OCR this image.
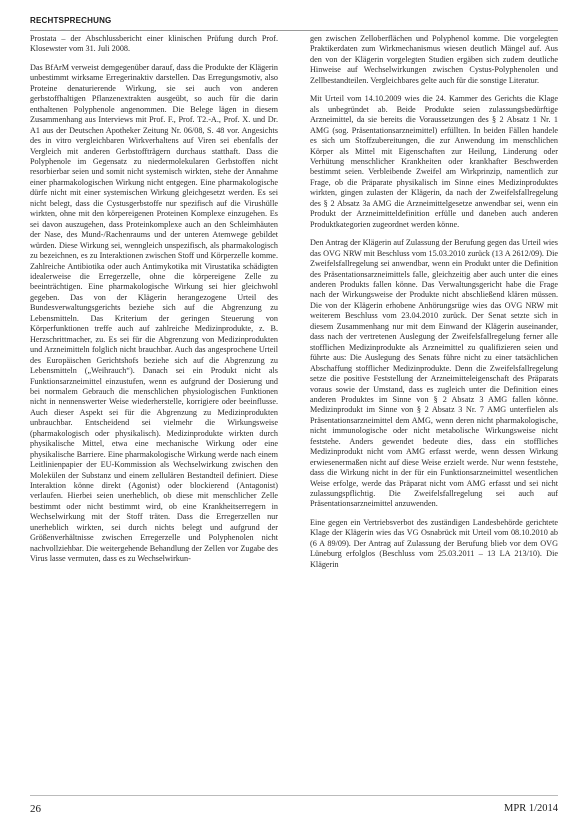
RECHTSPRECHUNG

Prostata – der Abschlussbericht einer klinischen Prüfung durch Prof. Klosewster vom 31. Juli 2008.

Das BfArM verweist demgegenüber darauf, dass die Produkte der Klägerin unbestimmt wirksame Erregerinaktiv darstellen. Das Erregungsmotiv, also Proteine denaturierende Wirkung, sie sei auch von anderen gerbstoffhaltigen Pflanzenextrakten ausgeübt, so auch für die darin enthaltenen Polyphenole angenommen. Die Belege lägen in diesem Zusammenhang aus Interviews mit Prof. F., Prof. T2.-A., Prof. X. und Dr. A1 aus der Deutschen Apotheker Zeitung Nr. 06/08, S. 48 vor. Angesichts des in vitro vergleichbaren Wirkverhaltens auf Viren sei ebenfalls der Vergleich mit anderen Gerbstoffträgern durchaus statthaft. Dass die Polyphenole im Gegensatz zu niedermolekularen Gerbstoffen nicht resorbierbar seien und somit nicht systemisch wirkten, stehe der Annahme einer pharmakologischen Wirkung nicht entgegen. Eine pharmakologische dürfe nicht mit einer systemischen Wirkung gleichgesetzt werden. Es sei nicht belegt, dass die Cystusgerbstoffe nur spezifisch auf die Virushülle wirkten, ohne mit den körpereigenen Proteinen Komplexe einzugehen. Es sei davon auszugehen, dass Proteinkomplexe auch an den Schleimhäuten der Nase, des Mund-/Rachenraums und der unteren Atemwege gebildet würden. Diese Wirkung sei, wenngleich unspezifisch, als pharmakologisch zu bezeichnen, es zu Interaktionen zwischen Stoff und Körperzelle komme. Zahlreiche Antibiotika oder auch Antimykotika mit Virustatika schädigten idealerweise die Erregerzelle, ohne die körpereigene Zelle zu beeinträchtigen. Eine pharmakologische Wirkung sei hier gleichwohl gegeben. Das von der Klägerin herangezogene Urteil des Bundesverwaltungsgerichts beziehe sich auf die Abgrenzung zu Lebensmitteln. Das Kriterium der geringen Steuerung von Körperfunktionen treffe auch auf zahlreiche Medizinprodukte, z. B. Herzschrittmacher, zu. Es sei für die Abgrenzung von Medizinprodukten und Arzneimitteln folglich nicht brauchbar. Auch das angesprochene Urteil des Europäischen Gerichtshofs beziehe sich auf die Abgrenzung zu Lebensmitteln („Weihrauch“). Danach sei ein Produkt nicht als Funktionsarzneimittel einzustufen, wenn es aufgrund der Dosierung und bei normalem Gebrauch die menschlichen physiologischen Funktionen nicht in nennenswerter Weise wiederherstelle, korrigiere oder beeinflusse. Auch dieser Aspekt sei für die Abgrenzung zu Medizinprodukten unbrauchbar. Entscheidend sei vielmehr die Wirkungsweise (pharmakologisch oder physikalisch). Medizinprodukte wirkten durch physikalische Mittel, etwa eine mechanische Wirkung oder eine physikalische Barriere. Eine pharmakologische Wirkung werde nach einem Leitlinienpapier der EU-Kommission als Wechselwirkung zwischen den Molekülen der Substanz und einem zellulären Bestandteil definiert. Diese Interaktion könne direkt (Agonist) oder blockierend (Antagonist) verlaufen. Hierbei seien unerheblich, ob diese mit menschlicher Zelle bestimmt oder nicht bestimmt wird, ob eine Krankheitserregern in Wechselwirkung mit der Stoff träten. Dass die Erregerzellen nur unerheblich wirkten, sei durch nichts belegt und aufgrund der Größenverhältnisse zwischen Erregerzelle und Polyphenolen nicht nachvollziehbar. Die weitergehende Behandlung der Zellen vor Zugabe des Virus lasse vermuten, dass es zu Wechselwirkun-

gen zwischen Zelloberflächen und Polyphenol komme. Die vorgelegten Praktikerdaten zum Wirkmechanismus wiesen deutlich Mängel auf. Aus den von der Klägerin vorgelegten Studien ergäben sich zudem deutliche Hinweise auf Wechselwirkungen zwischen Cystus-Polyphenolen und Zellbestandteilen. Vergleichbares gelte auch für die sonstige Literatur.

Mit Urteil vom 14.10.2009 wies die 24. Kammer des Gerichts die Klage als unbegründet ab. Beide Produkte seien zulassungsbedürftige Arzneimittel, da sie bereits die Voraussetzungen des § 2 Absatz 1 Nr. 1 AMG (sog. Präsentationsarzneimittel) erfüllten. In beiden Fällen handele es sich um Stoffzubereitungen, die zur Anwendung im menschlichen Körper als Mittel mit Eigenschaften zur Heilung, Linderung oder Verhütung menschlicher Krankheiten oder krankhafter Beschwerden bestimmt seien. Verbleibende Zweifel am Wirkprinzip, namentlich zur Frage, ob die Präparate physikalisch im Sinne eines Medizinproduktes wirkten, gingen zulasten der Klägerin, da nach der Zweifelsfallregelung des § 2 Absatz 3a AMG die Arzneimittelgesetze anwendbar sei, wenn ein Produkt der Arzneimitteldefinition erfülle und daneben auch anderen Produktkategorien zugeordnet werden könne.

Den Antrag der Klägerin auf Zulassung der Berufung gegen das Urteil wies das OVG NRW mit Beschluss vom 15.03.2010 zurück (13 A 2612/09). Die Zweifelsfallregelung sei anwendbar, wenn ein Produkt unter die Definition des Präsentationsarzneimittels falle, gleichzeitig aber auch unter die eines anderen Produkts fallen könne. Das Verwaltungsgericht habe die Frage nach der Wirkungsweise der Produkte nicht abschließend klären müssen. Die von der Klägerin erhobene Anhörungsrüge wies das OVG NRW mit weiterem Beschluss vom 23.04.2010 zurück. Der Senat setzte sich in diesem Zusammenhang nur mit dem Einwand der Klägerin auseinander, dass nach der vertretenen Auslegung der Zweifelsfallregelung ferner alle stofflichen Medizinprodukte als Arzneimittel zu qualifizieren seien und führte aus: Die Auslegung des Senats führe nicht zu einer tatsächlichen Abschaffung stofflicher Medizinprodukte. Denn die Zweifelsfallregelung setze die positive Feststellung der Arzneimitteleigenschaft des Präparats voraus sowie der Umstand, dass es zugleich unter die Definition eines anderen Produktes im Sinne von § 2 Absatz 3 AMG fallen könne. Medizinprodukt im Sinne von § 2 Absatz 3 Nr. 7 AMG unterfielen als Präsentationsarzneimittel dem AMG, wenn deren nicht pharmakologische, nicht immunologische oder nicht metabolische Wirkungsweise nicht feststehe. Anders gewendet bedeute dies, dass ein stoffliches Medizinprodukt nicht vom AMG erfasst werde, wenn dessen Wirkung erwiesenermaßen nicht auf diese Weise erzielt werde. Nur wenn feststehe, dass die Wirkung nicht in der für ein Funktionsarzneimittel wesentlichen Weise erfolge, werde das Präparat nicht vom AMG erfasst und sei nicht zulassungspflichtig. Die Zweifelsfallregelung sei auch auf Präsentationsarzneimittel anzuwenden.

Eine gegen ein Vertriebsverbot des zuständigen Landesbehörde gerichtete Klage der Klägerin wies das VG Osnabrück mit Urteil vom 08.10.2010 ab (6 A 89/09). Der Antrag auf Zulassung der Berufung blieb vor dem OVG Lüneburg erfolglos (Beschluss vom 25.03.2011 – 13 LA 213/10). Die Klägerin

26	MPR 1/2014
